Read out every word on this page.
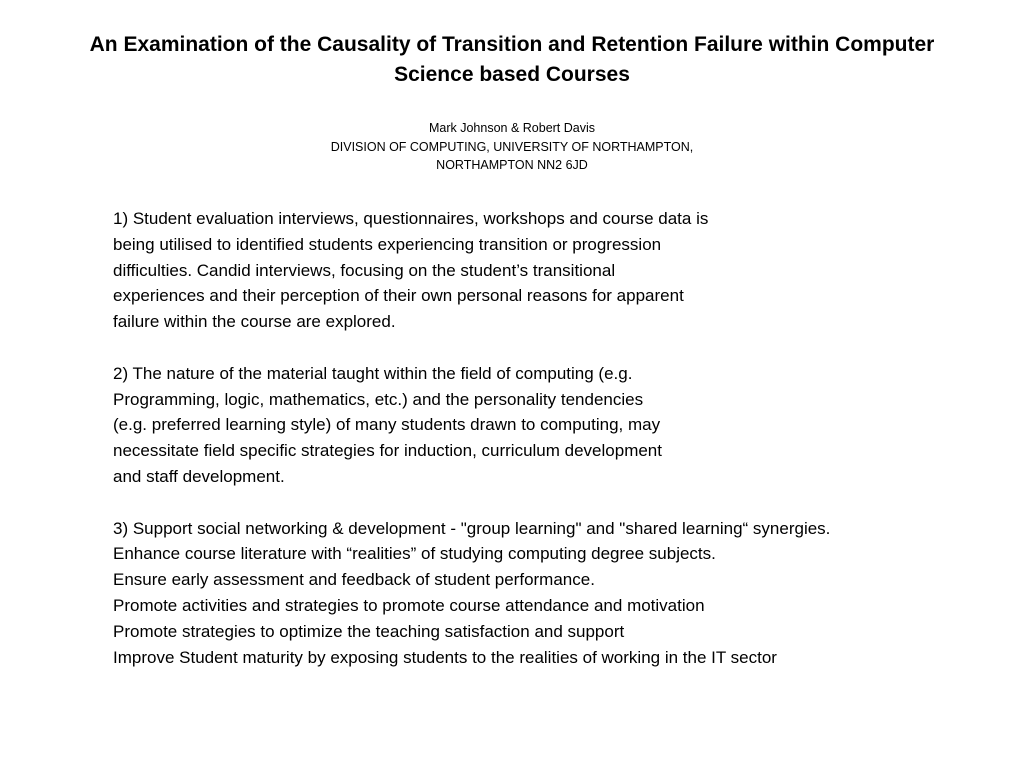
An Examination of the Causality of Transition and Retention Failure within Computer
Science based Courses
Mark Johnson & Robert Davis
DIVISION OF COMPUTING, UNIVERSITY OF NORTHAMPTON,
NORTHAMPTON NN2 6JD
1) Student evaluation interviews, questionnaires, workshops and course data is
being utilised to identified students experiencing transition or progression
difficulties. Candid interviews, focusing on the student’s transitional
experiences and their perception of their own personal reasons for apparent
failure within the course are explored.
2) The nature of the material taught within the field of computing (e.g.
Programming, logic, mathematics, etc.) and the personality tendencies
(e.g. preferred learning style) of many students drawn to computing, may
necessitate field specific strategies for induction, curriculum development
and staff development.
3) Support social networking & development - "group learning" and "shared learning“ synergies.
Enhance course literature with “realities” of studying computing degree subjects.
Ensure early assessment and feedback of student performance.
Promote activities and strategies to promote course attendance and motivation
Promote strategies to optimize the teaching satisfaction and support
Improve Student maturity by exposing students to the realities of working in the IT sector
